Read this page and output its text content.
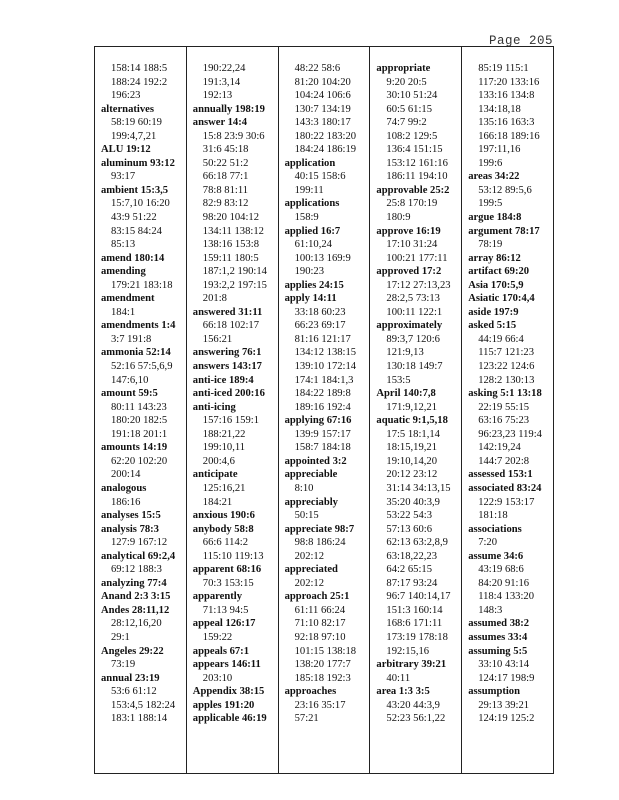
Page 205
158:14 188:5
188:24 192:2
196:23
alternatives
58:19 60:19
199:4,7,21
ALU 19:12
aluminum 93:12
93:17
ambient 15:3,5
15:7,10 16:20
43:9 51:22
83:15 84:24
85:13
amend 180:14
amending
179:21 183:18
amendment
184:1
amendments 1:4
3:7 191:8
ammonia 52:14
52:16 57:5,6,9
147:6,10
amount 59:5
80:11 143:23
180:20 182:5
191:18 201:1
amounts 14:19
62:20 102:20
200:14
analogous
186:16
analyses 15:5
analysis 78:3
127:9 167:12
analytical 69:2,4
69:12 188:3
analyzing 77:4
Anand 2:3 3:15
Andes 28:11,12
28:12,16,20
29:1
Angeles 29:22
73:19
annual 23:19
53:6 61:12
153:4,5 182:24
183:1 188:14
190:22,24
191:3,14
192:13
annually 198:19
answer 14:4
15:8 23:9 30:6
31:6 45:18
50:22 51:2
66:18 77:1
78:8 81:11
82:9 83:12
98:20 104:12
134:11 138:12
138:16 153:8
159:11 180:5
187:1,2 190:14
193:2,2 197:15
201:8
answered 31:11
66:18 102:17
156:21
answering 76:1
answers 143:17
anti-ice 189:4
anti-iced 200:16
anti-icing
157:16 159:1
188:21,22
199:10,11
200:4,6
anticipate
125:16,21
184:21
anxious 190:6
anybody 58:8
66:6 114:2
115:10 119:13
apparent 68:16
70:3 153:15
apparently
71:13 94:5
appeal 126:17
159:22
appeals 67:1
appears 146:11
203:10
Appendix 38:15
apples 191:20
applicable 46:19
48:22 58:6
81:20 104:20
104:24 106:6
130:7 134:19
143:3 180:17
180:22 183:20
184:24 186:19
application
40:15 158:6
199:11
applications
158:9
applied 16:7
61:10,24
100:13 169:9
190:23
applies 24:15
apply 14:11
33:18 60:23
66:23 69:17
81:16 121:17
134:12 138:15
139:10 172:14
174:1 184:1,3
184:22 189:8
189:16 192:4
applying 67:16
139:9 157:17
158:7 184:18
appointed 3:2
appreciable
8:10
appreciably
50:15
appreciate 98:7
98:8 186:24
202:12
appreciated
202:12
approach 25:1
61:11 66:24
71:10 82:17
92:18 97:10
101:15 138:18
138:20 177:7
185:18 192:3
approaches
23:16 35:17
57:21
appropriate
9:20 20:5
30:10 51:24
60:5 61:15
74:7 99:2
108:2 129:5
136:4 151:15
153:12 161:16
186:11 194:10
approvable 25:2
25:8 170:19
180:9
approve 16:19
17:10 31:24
100:21 177:11
approved 17:2
17:12 27:13,23
28:2,5 73:13
100:11 122:1
approximately
89:3,7 120:6
121:9,13
130:18 149:7
153:5
April 140:7,8
171:9,12,21
aquatic 9:1,5,18
17:5 18:1,14
18:15,19,21
19:10,14,20
20:12 23:12
31:14 34:13,15
35:20 40:3,9
53:22 54:3
57:13 60:6
62:13 63:2,8,9
63:18,22,23
64:2 65:15
87:17 93:24
96:7 140:14,17
151:3 160:14
168:6 171:11
173:19 178:18
192:15,16
arbitrary 39:21
40:11
area 1:3 3:5
43:20 44:3,9
52:23 56:1,22
85:19 115:1
117:20 133:16
133:16 134:8
134:18,18
135:16 163:3
166:18 189:16
197:11,16
199:6
areas 34:22
53:12 89:5,6
199:5
argue 184:8
argument 78:17
78:19
array 86:12
artifact 69:20
Asia 170:5,9
Asiatic 170:4,4
aside 197:9
asked 5:15
44:19 66:4
115:7 121:23
123:22 124:6
128:2 130:13
asking 5:1 13:18
22:19 55:15
63:16 75:23
96:23,23 119:4
142:19,24
144:7 202:8
assessed 153:1
associated 83:24
122:9 153:17
181:18
associations
7:20
assume 34:6
43:19 68:6
84:20 91:16
118:4 133:20
148:3
assumed 38:2
assumes 33:4
assuming 5:5
33:10 43:14
124:17 198:9
assumption
29:13 39:21
124:19 125:2
